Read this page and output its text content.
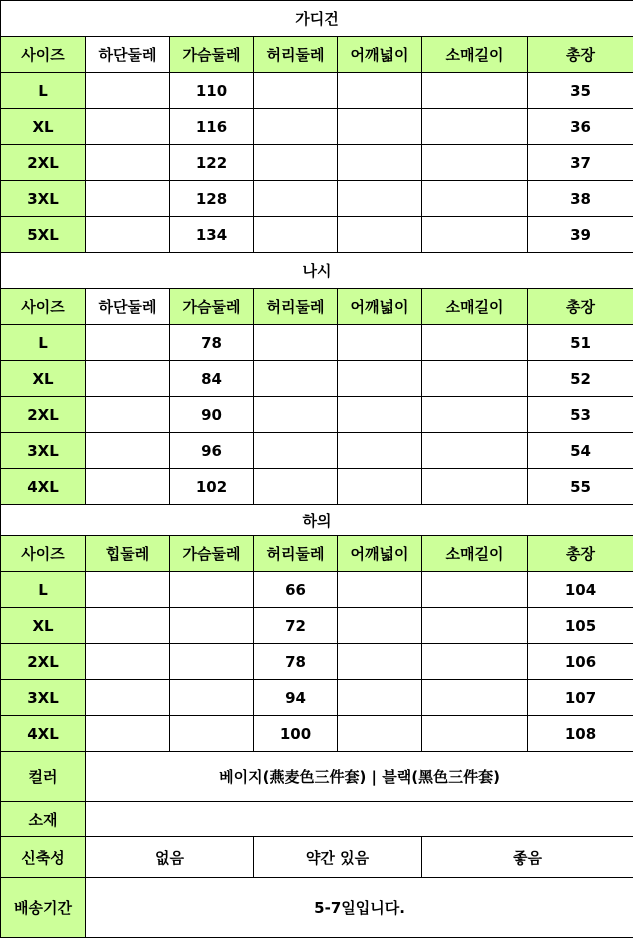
가디건						
사이즈	하단둘레	가슴둘레	허리둘레	어깨넓이	소매길이	총장
L		110				35
XL		116				36
2XL		122				37
3XL		128				38
5XL		134				39
나시						
사이즈	하단둘레	가슴둘레	허리둘레	어깨넓이	소매길이	총장
L		78				51
XL		84				52
2XL		90				53
3XL		96				54
4XL		102				55
하의						
사이즈	힙둘레	가슴둘레	허리둘레	어깨넓이	소매길이	총장
L			66			104
XL			72			105
2XL			78			106
3XL			94			107
4XL			100			108
컬러	베이지(燕麦色三件套) | 블랙(黑色三件套)					
소재						
신축성	없음		약간 있음		좋음	
배송기간	5-7일입니다.					
